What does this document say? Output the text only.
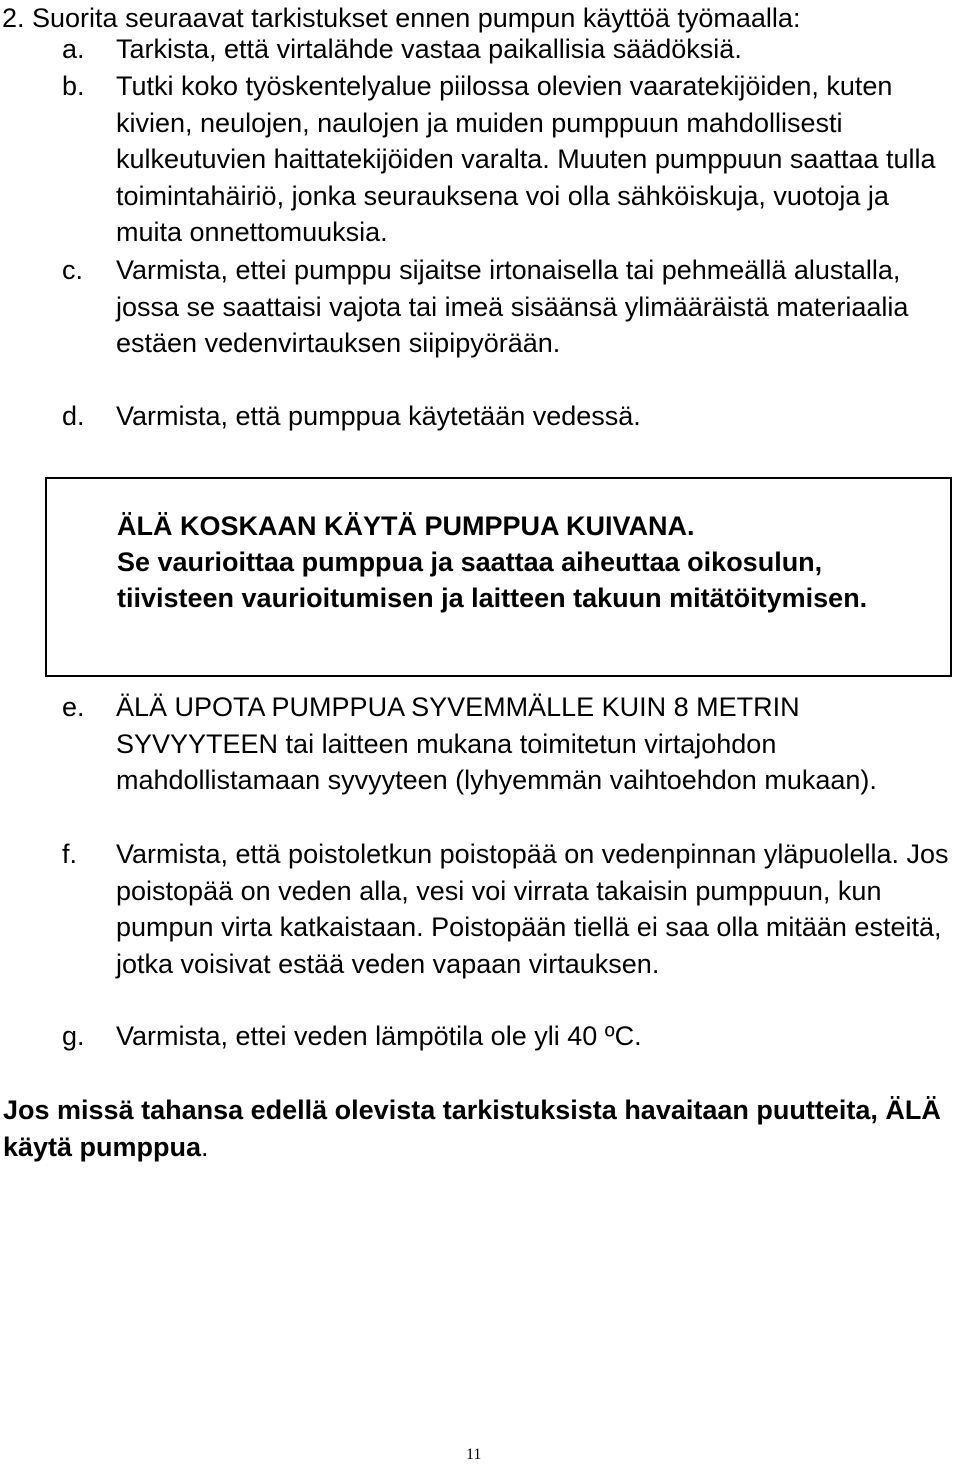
2. Suorita seuraavat tarkistukset ennen pumpun käyttöä työmaalla:
a. Tarkista, että virtalähde vastaa paikallisia säädöksiä.
b. Tutki koko työskentelyalue piilossa olevien vaaratekijöiden, kuten kivien, neulojen, naulojen ja muiden pumppuun mahdollisesti kulkeutuvien haittatekijöiden varalta. Muuten pumppuun saattaa tulla toimintahäiriö, jonka seurauksena voi olla sähköiskuja, vuotoja ja muita onnettomuuksia.
c. Varmista, ettei pumppu sijaitse irtonaisella tai pehmeällä alustalla, jossa se saattaisi vajota tai imeä sisäänsä ylimääräistä materiaalia estäen vedenvirtauksen siipipyörään.
d. Varmista, että pumppua käytetään vedessä.
ÄLÄ KOSKAAN KÄYTÄ PUMPPUA KUIVANA.
Se vaurioittaa pumppua ja saattaa aiheuttaa oikosulun, tiivisteen vaurioitumisen ja laitteen takuun mitätöitymisen.
e. ÄLÄ UPOTA PUMPPUA SYVEMMÄLLE KUIN 8 METRIN SYVYYTEEN tai laitteen mukana toimitetun virtajohdon mahdollistamaan syvyyteen (lyhyemmän vaihtoehdon mukaan).
f. Varmista, että poistoletkun poistopää on vedenpinnan yläpuolella. Jos poistopää on veden alla, vesi voi virrata takaisin pumppuun, kun pumpun virta katkaistaan. Poistopään tiellä ei saa olla mitään esteitä, jotka voisivat estää veden vapaan virtauksen.
g. Varmista, ettei veden lämpötila ole yli 40 ºC.
Jos missä tahansa edellä olevista tarkistuksista havaitaan puutteita, ÄLÄ käytä pumppua.
11
